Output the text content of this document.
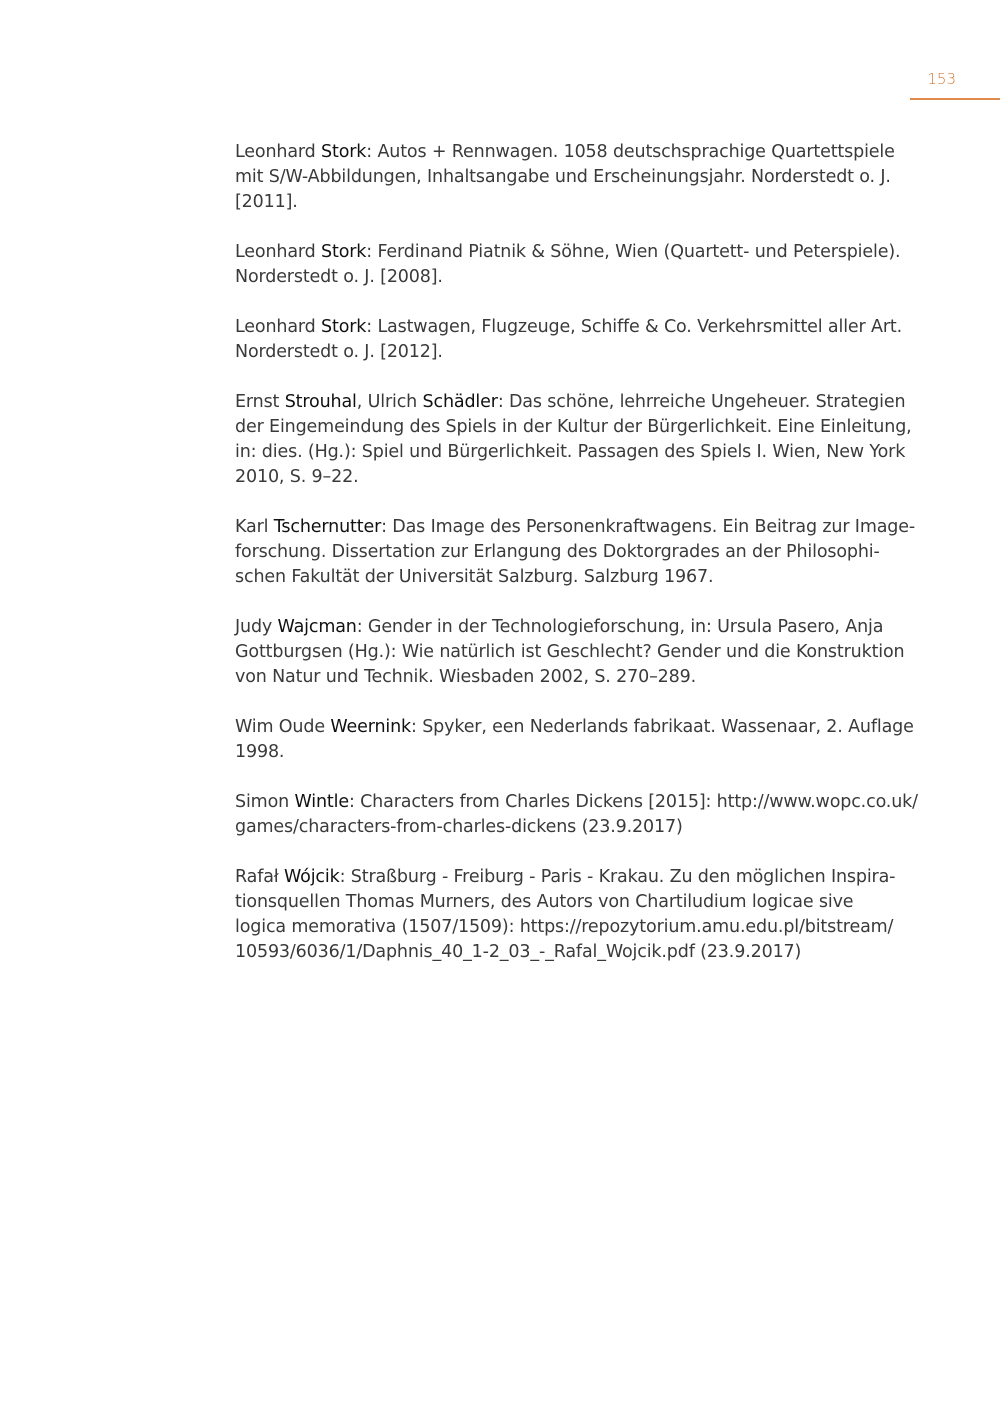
153
Leonhard Stork: Autos + Rennwagen. 1058 deutschsprachige Quartettspiele
mit S/W-Abbildungen, Inhaltsangabe und Erscheinungsjahr. Norderstedt o. J.
[2011].
Leonhard Stork: Ferdinand Piatnik & Söhne, Wien (Quartett- und Peterspiele).
Norderstedt o. J. [2008].
Leonhard Stork: Lastwagen, Flugzeuge, Schiffe & Co. Verkehrsmittel aller Art.
Norderstedt o. J. [2012].
Ernst Strouhal, Ulrich Schädler: Das schöne, lehrreiche Ungeheuer. Strategien
der Eingemeindung des Spiels in der Kultur der Bürgerlichkeit. Eine Einleitung,
in: dies. (Hg.): Spiel und Bürgerlichkeit. Passagen des Spiels I. Wien, New York
2010, S. 9–22.
Karl Tschernutter: Das Image des Personenkraftwagens. Ein Beitrag zur Image-
forschung. Dissertation zur Erlangung des Doktorgrades an der Philosophi-
schen Fakultät der Universität Salzburg. Salzburg 1967.
Judy Wajcman: Gender in der Technologieforschung, in: Ursula Pasero, Anja
Gottburgsen (Hg.): Wie natürlich ist Geschlecht? Gender und die Konstruktion
von Natur und Technik. Wiesbaden 2002, S. 270–289.
Wim Oude Weernink: Spyker, een Nederlands fabrikaat. Wassenaar, 2. Auflage
1998.
Simon Wintle: Characters from Charles Dickens [2015]: http://www.wopc.co.uk/
games/characters-from-charles-dickens (23.9.2017)
Rafał Wójcik: Straßburg - Freiburg - Paris - Krakau. Zu den möglichen Inspira-
tionsquellen Thomas Murners, des Autors von Chartiludium logicae sive
logica memorativa (1507/1509): https://repozytorium.amu.edu.pl/bitstream/
10593/6036/1/Daphnis_40_1-2_03_-_Rafal_Wojcik.pdf (23.9.2017)
